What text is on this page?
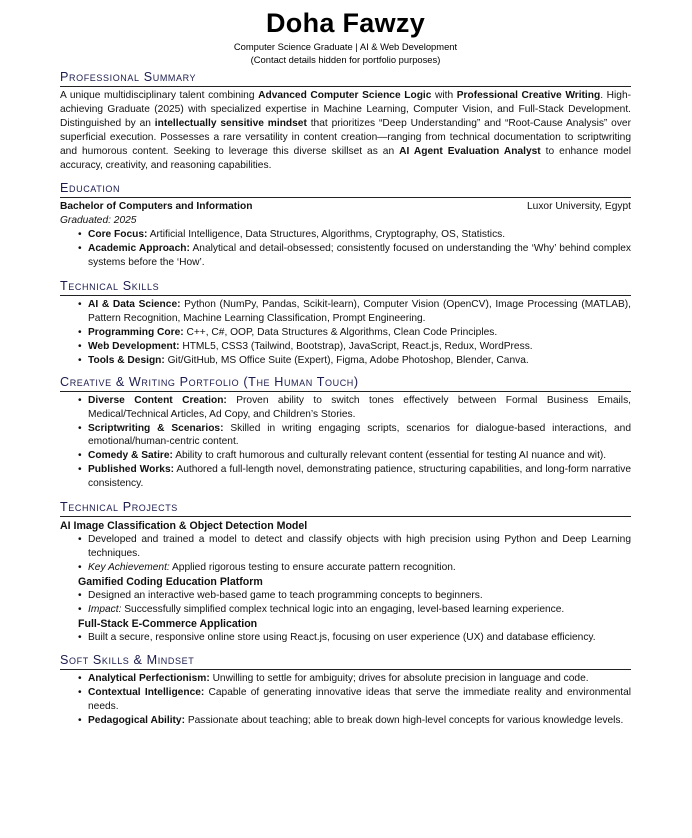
Doha Fawzy
Computer Science Graduate | AI & Web Development
(Contact details hidden for portfolio purposes)
Professional Summary

A unique multidisciplinary talent combining Advanced Computer Science Logic with Professional Creative Writing. High-achieving Graduate (2025) with specialized expertise in Machine Learning, Computer Vision, and Full-Stack Development. Distinguished by an intellectually sensitive mindset that prioritizes “Deep Understanding” and “Root-Cause Analysis” over superficial execution. Possesses a rare versatility in content creation—ranging from technical documentation to scriptwriting and humorous content. Seeking to leverage this diverse skillset as an AI Agent Evaluation Analyst to enhance model accuracy, creativity, and reasoning capabilities.

Education
Bachelor of Computers and Information	Luxor University, Egypt
Graduated: 2025
• Core Focus: Artificial Intelligence, Data Structures, Algorithms, Cryptography, OS, Statistics.
• Academic Approach: Analytical and detail-obsessed; consistently focused on understanding the ‘Why’ behind complex systems before the ‘How’.
Technical Skills
• AI & Data Science: Python (NumPy, Pandas, Scikit-learn), Computer Vision (OpenCV), Image Processing (MATLAB), Pattern Recognition, Machine Learning Classification, Prompt Engineering.
• Programming Core: C++, C#, OOP, Data Structures & Algorithms, Clean Code Principles.
• Web Development: HTML5, CSS3 (Tailwind, Bootstrap), JavaScript, React.js, Redux, WordPress.
• Tools & Design: Git/GitHub, MS Office Suite (Expert), Figma, Adobe Photoshop, Blender, Canva.
Creative & Writing Portfolio (The Human Touch)
• Diverse Content Creation: Proven ability to switch tones effectively between Formal Business Emails, Medical/Technical Articles, Ad Copy, and Children’s Stories.
• Scriptwriting & Scenarios: Skilled in writing engaging scripts, scenarios for dialogue-based interactions, and emotional/human-centric content.
• Comedy & Satire: Ability to craft humorous and culturally relevant content (essential for testing AI nuance and wit).
• Published Works: Authored a full-length novel, demonstrating patience, structuring capabilities, and long-form narrative consistency.
Technical Projects
AI Image Classification & Object Detection Model
• Developed and trained a model to detect and classify objects with high precision using Python and Deep Learning techniques.
• Key Achievement: Applied rigorous testing to ensure accurate pattern recognition.
Gamified Coding Education Platform
• Designed an interactive web-based game to teach programming concepts to beginners.
• Impact: Successfully simplified complex technical logic into an engaging, level-based learning experience.
Full-Stack E-Commerce Application
• Built a secure, responsive online store using React.js, focusing on user experience (UX) and database efficiency.
Soft Skills & Mindset
• Analytical Perfectionism: Unwilling to settle for ambiguity; drives for absolute precision in language and code.
• Contextual Intelligence: Capable of generating innovative ideas that serve the immediate reality and environmental needs.
• Pedagogical Ability: Passionate about teaching; able to break down high-level concepts for various knowledge levels.
